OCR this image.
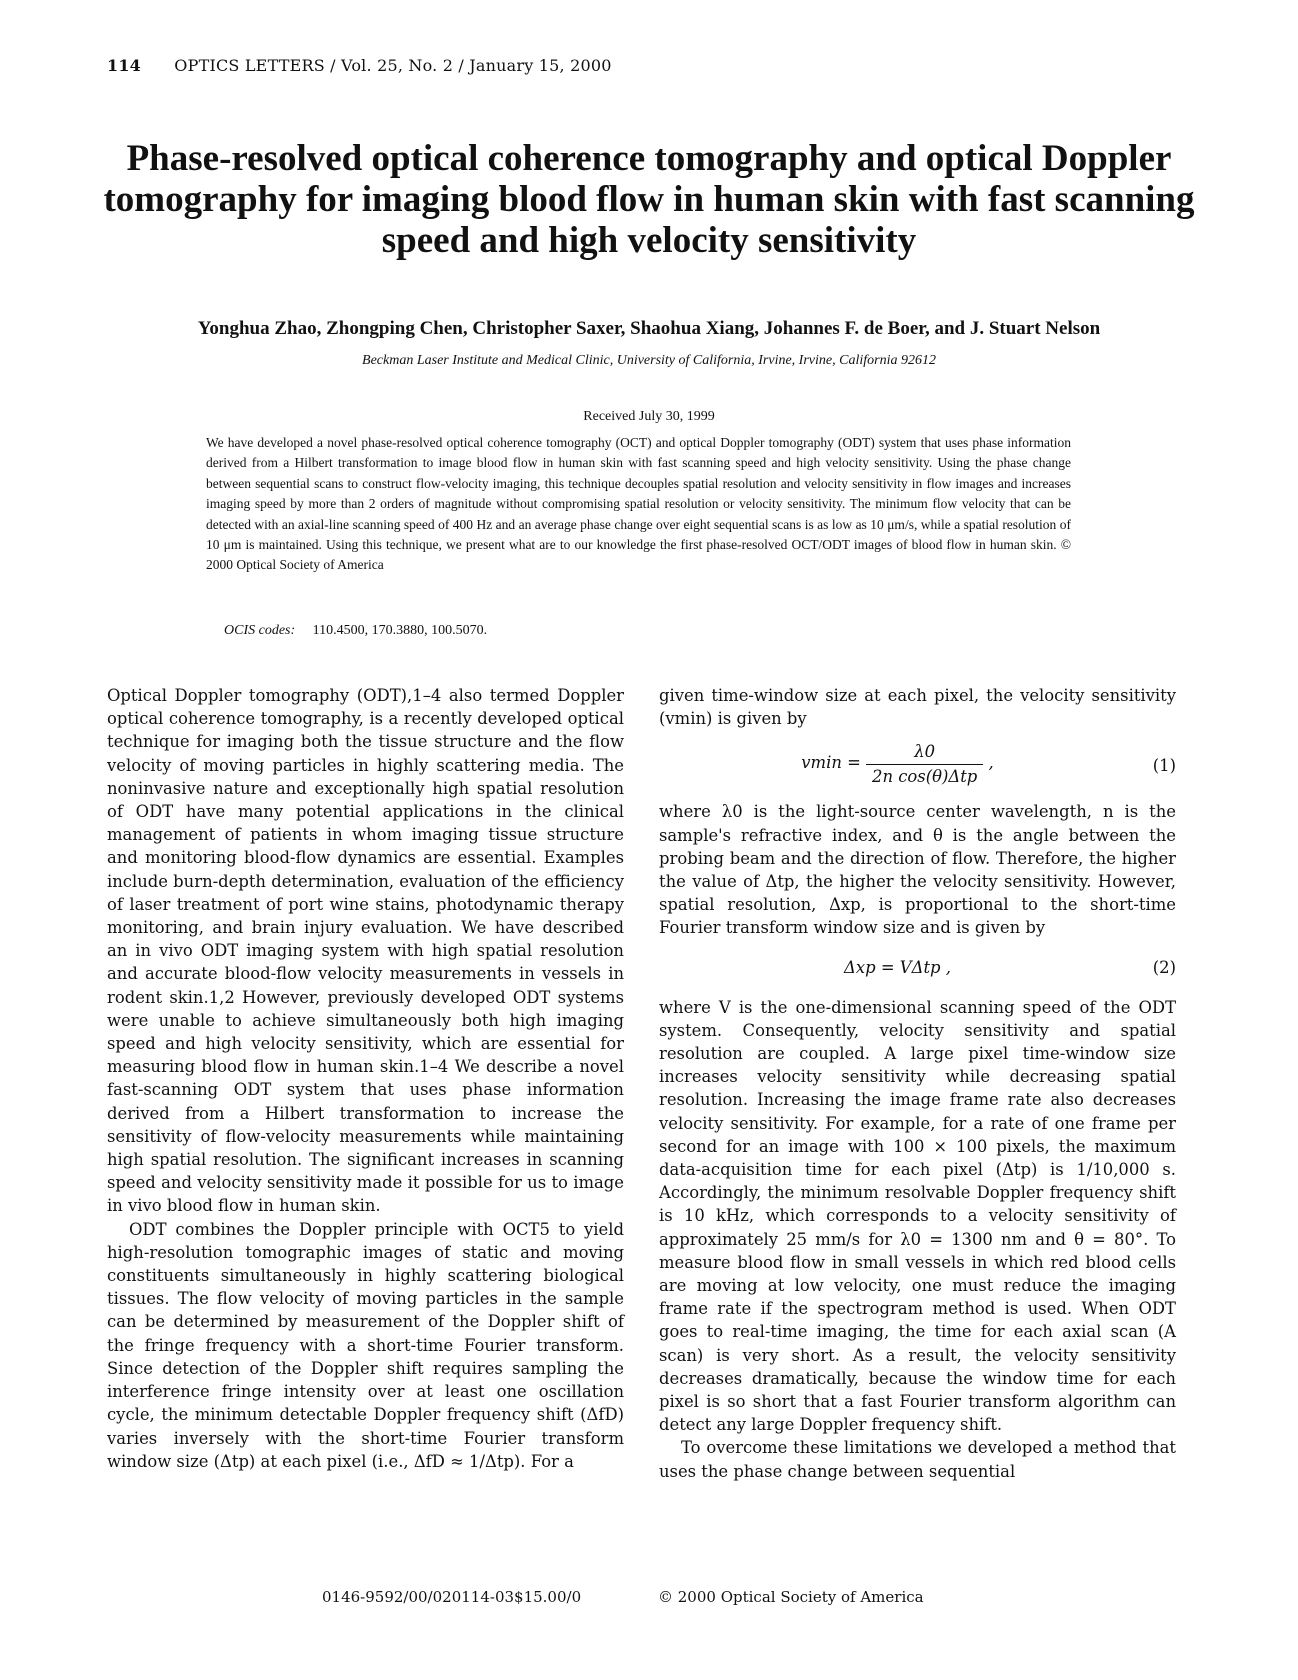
114 OPTICS LETTERS / Vol. 25, No. 2 / January 15, 2000
Phase-resolved optical coherence tomography and optical Doppler tomography for imaging blood flow in human skin with fast scanning speed and high velocity sensitivity
Yonghua Zhao, Zhongping Chen, Christopher Saxer, Shaohua Xiang, Johannes F. de Boer, and J. Stuart Nelson
Beckman Laser Institute and Medical Clinic, University of California, Irvine, Irvine, California 92612
Received July 30, 1999
We have developed a novel phase-resolved optical coherence tomography (OCT) and optical Doppler tomography (ODT) system that uses phase information derived from a Hilbert transformation to image blood flow in human skin with fast scanning speed and high velocity sensitivity. Using the phase change between sequential scans to construct flow-velocity imaging, this technique decouples spatial resolution and velocity sensitivity in flow images and increases imaging speed by more than 2 orders of magnitude without compromising spatial resolution or velocity sensitivity. The minimum flow velocity that can be detected with an axial-line scanning speed of 400 Hz and an average phase change over eight sequential scans is as low as 10 μm/s, while a spatial resolution of 10 μm is maintained. Using this technique, we present what are to our knowledge the first phase-resolved OCT/ODT images of blood flow in human skin. © 2000 Optical Society of America
OCIS codes: 110.4500, 170.3880, 100.5070.

Optical Doppler tomography (ODT),1–4 also termed Doppler optical coherence tomography, is a recently developed optical technique for imaging both the tissue structure and the flow velocity of moving particles in highly scattering media. The noninvasive nature and exceptionally high spatial resolution of ODT have many potential applications in the clinical management of patients in whom imaging tissue structure and monitoring blood-flow dynamics are essential. Examples include burn-depth determination, evaluation of the efficiency of laser treatment of port wine stains, photodynamic therapy monitoring, and brain injury evaluation. We have described an in vivo ODT imaging system with high spatial resolution and accurate blood-flow velocity measurements in vessels in rodent skin.1,2 However, previously developed ODT systems were unable to achieve simultaneously both high imaging speed and high velocity sensitivity, which are essential for measuring blood flow in human skin.1–4 We describe a novel fast-scanning ODT system that uses phase information derived from a Hilbert transformation to increase the sensitivity of flow-velocity measurements while maintaining high spatial resolution. The significant increases in scanning speed and velocity sensitivity made it possible for us to image in vivo blood flow in human skin.

ODT combines the Doppler principle with OCT5 to yield high-resolution tomographic images of static and moving constituents simultaneously in highly scattering biological tissues. The flow velocity of moving particles in the sample can be determined by measurement of the Doppler shift of the fringe frequency with a short-time Fourier transform. Since detection of the Doppler shift requires sampling the interference fringe intensity over at least one oscillation cycle, the minimum detectable Doppler frequency shift (ΔfD) varies inversely with the short-time Fourier transform window size (Δtp) at each pixel (i.e., ΔfD ≈ 1/Δtp). For a

given time-window size at each pixel, the velocity sensitivity (vmin) is given by

$vmin = \frac{\lambda 0}{\text{2n cos(θ)Δtp}}$ ,	(1)

where λ0 is the light-source center wavelength, n is the sample's refractive index, and θ is the angle between the probing beam and the direction of flow. Therefore, the higher the value of Δtp, the higher the velocity sensitivity. However, spatial resolution, Δxp, is proportional to the short-time Fourier transform window size and is given by

Δxp = VΔtp ,	(2)

where V is the one-dimensional scanning speed of the ODT system. Consequently, velocity sensitivity and spatial resolution are coupled. A large pixel time-window size increases velocity sensitivity while decreasing spatial resolution. Increasing the image frame rate also decreases velocity sensitivity. For example, for a rate of one frame per second for an image with 100 × 100 pixels, the maximum data-acquisition time for each pixel (Δtp) is 1/10,000 s. Accordingly, the minimum resolvable Doppler frequency shift is 10 kHz, which corresponds to a velocity sensitivity of approximately 25 mm/s for λ0 = 1300 nm and θ = 80°. To measure blood flow in small vessels in which red blood cells are moving at low velocity, one must reduce the imaging frame rate if the spectrogram method is used. When ODT goes to real-time imaging, the time for each axial scan (A scan) is very short. As a result, the velocity sensitivity decreases dramatically, because the window time for each pixel is so short that a fast Fourier transform algorithm can detect any large Doppler frequency shift.

To overcome these limitations we developed a method that uses the phase change between sequential

0146-9592/00/020114-03$15.00/0	© 2000 Optical Society of America
